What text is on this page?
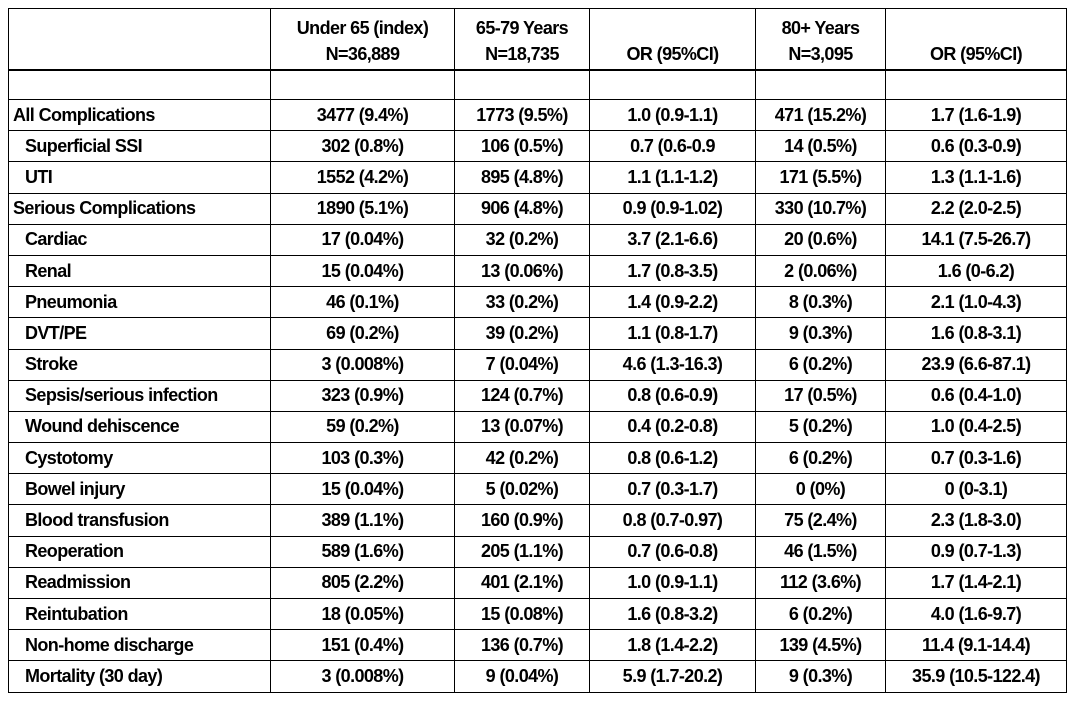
	Under 65 (index)	65-79 Years		80+ Years	
	N=36,889	N=18,735	OR (95%CI)	N=3,095	OR (95%CI)

All Complications	3477 (9.4%)	1773 (9.5%)	1.0 (0.9-1.1)	471 (15.2%)	1.7 (1.6-1.9)
Superficial SSI	302 (0.8%)	106 (0.5%)	0.7 (0.6-0.9	14 (0.5%)	0.6 (0.3-0.9)
UTI	1552 (4.2%)	895 (4.8%)	1.1 (1.1-1.2)	171 (5.5%)	1.3 (1.1-1.6)
Serious Complications	1890 (5.1%)	906 (4.8%)	0.9 (0.9-1.02)	330 (10.7%)	2.2 (2.0-2.5)
Cardiac	17 (0.04%)	32 (0.2%)	3.7 (2.1-6.6)	20 (0.6%)	14.1 (7.5-26.7)
Renal	15 (0.04%)	13 (0.06%)	1.7 (0.8-3.5)	2 (0.06%)	1.6 (0-6.2)
Pneumonia	46 (0.1%)	33 (0.2%)	1.4 (0.9-2.2)	8 (0.3%)	2.1 (1.0-4.3)
DVT/PE	69 (0.2%)	39 (0.2%)	1.1 (0.8-1.7)	9 (0.3%)	1.6 (0.8-3.1)
Stroke	3 (0.008%)	7 (0.04%)	4.6 (1.3-16.3)	6 (0.2%)	23.9 (6.6-87.1)
Sepsis/serious infection	323 (0.9%)	124 (0.7%)	0.8 (0.6-0.9)	17 (0.5%)	0.6 (0.4-1.0)
Wound dehiscence	59 (0.2%)	13 (0.07%)	0.4 (0.2-0.8)	5 (0.2%)	1.0 (0.4-2.5)
Cystotomy	103 (0.3%)	42 (0.2%)	0.8 (0.6-1.2)	6 (0.2%)	0.7 (0.3-1.6)
Bowel injury	15 (0.04%)	5 (0.02%)	0.7 (0.3-1.7)	0 (0%)	0 (0-3.1)
Blood transfusion	389 (1.1%)	160 (0.9%)	0.8 (0.7-0.97)	75 (2.4%)	2.3 (1.8-3.0)
Reoperation	589 (1.6%)	205 (1.1%)	0.7 (0.6-0.8)	46 (1.5%)	0.9 (0.7-1.3)
Readmission	805 (2.2%)	401 (2.1%)	1.0 (0.9-1.1)	112 (3.6%)	1.7 (1.4-2.1)
Reintubation	18 (0.05%)	15 (0.08%)	1.6 (0.8-3.2)	6 (0.2%)	4.0 (1.6-9.7)
Non-home discharge	151 (0.4%)	136 (0.7%)	1.8 (1.4-2.2)	139 (4.5%)	11.4 (9.1-14.4)
Mortality (30 day)	3 (0.008%)	9 (0.04%)	5.9 (1.7-20.2)	9 (0.3%)	35.9 (10.5-122.4)
